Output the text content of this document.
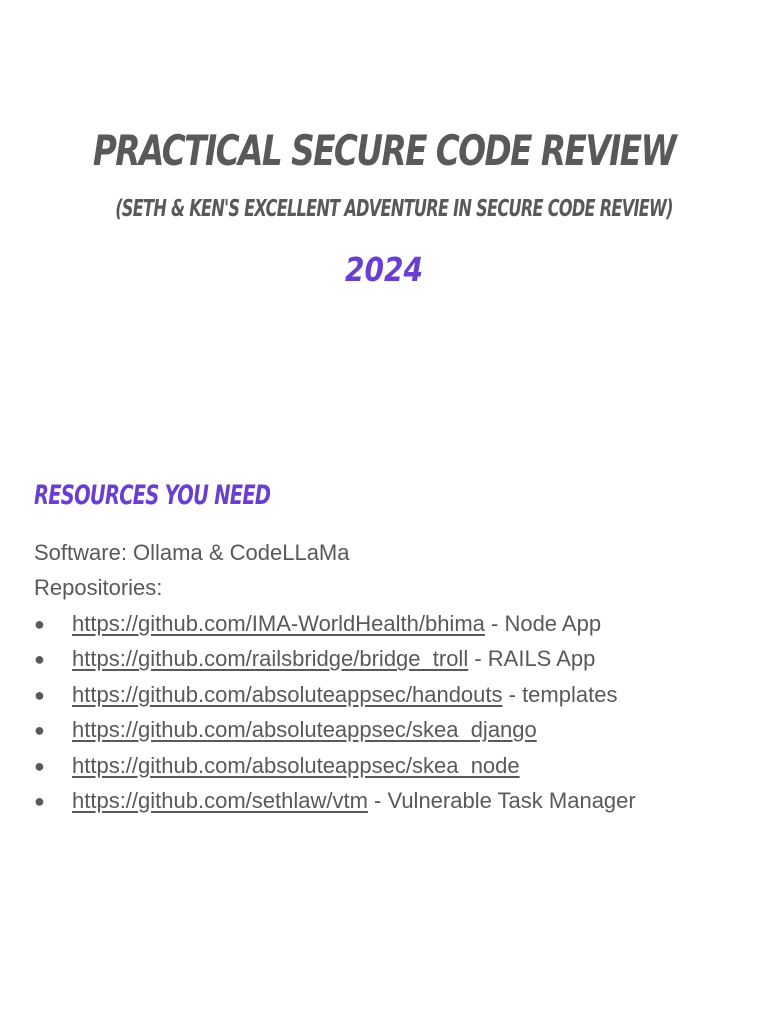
PRACTICAL SECURE CODE REVIEW
(SETH & KEN'S EXCELLENT ADVENTURE IN SECURE CODE REVIEW)
2024
RESOURCES YOU NEED
Software: Ollama & CodeLLaMa
Repositories:
●	https://github.com/IMA-WorldHealth/bhima - Node App
●	https://github.com/railsbridge/bridge_troll - RAILS App
●	https://github.com/absoluteappsec/handouts - templates
●	https://github.com/absoluteappsec/skea_django
●	https://github.com/absoluteappsec/skea_node
●	https://github.com/sethlaw/vtm - Vulnerable Task Manager
